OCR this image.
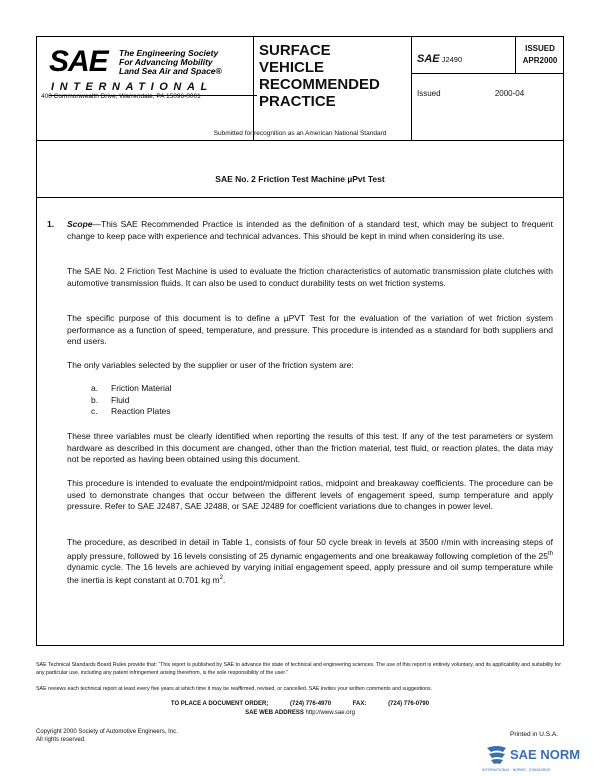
SAE The Engineering Society
For Advancing Mobility
Land Sea Air and Space®
INTERNATIONAL
400 Commonwealth Drive, Warrendale, PA 15096-0001
SURFACE
VEHICLE
RECOMMENDED
PRACTICE
SAE J2490
ISSUED
APR2000
Issued	2000-04
Submitted for recognition as an American National Standard
SAE No. 2 Friction Test Machine µPvt Test
1. Scope—This SAE Recommended Practice is intended as the definition of a standard test, which may be subject to frequent change to keep pace with experience and technical advances. This should be kept in mind when considering its use.
The SAE No. 2 Friction Test Machine is used to evaluate the friction characteristics of automatic transmission plate clutches with automotive transmission fluids. It can also be used to conduct durability tests on wet friction systems.
The specific purpose of this document is to define a µPVT Test for the evaluation of the variation of wet friction system performance as a function of speed, temperature, and pressure. This procedure is intended as a standard for both suppliers and end users.
The only variables selected by the supplier or user of the friction system are:
a. Friction Material
b. Fluid
c. Reaction Plates
These three variables must be clearly identified when reporting the results of this test. If any of the test parameters or system hardware as described in this document are changed, other than the friction material, test fluid, or reaction plates, the data may not be reported as having been obtained using this document.
This procedure is intended to evaluate the endpoint/midpoint ratios, midpoint and breakaway coefficients. The procedure can be used to demonstrate changes that occur between the different levels of engagement speed, sump temperature and apply pressure. Refer to SAE J2487, SAE J2488, or SAE J2489 for coefficient variations due to changes in power level.
The procedure, as described in detail in Table 1, consists of four 50 cycle break in levels at 3500 r/min with increasing steps of apply pressure, followed by 16 levels consisting of 25 dynamic engagements and one breakaway following completion of the 25th dynamic cycle. The 16 levels are achieved by varying initial engagement speed, apply pressure and oil sump temperature while the inertia is kept constant at 0.701 kg $m^2$.
SAE Technical Standards Board Rules provide that: “This report is published by SAE to advance the state of technical and engineering sciences. The use of this report is entirely voluntary, and its applicability and suitability for any particular use, including any patent infringement arising therefrom, is the sole responsibility of the user.”
SAE reviews each technical report at least every five years at which time it may be reaffirmed, revised, or cancelled. SAE invites your written comments and suggestions.
TO PLACE A DOCUMENT ORDER;	(724) 776-4970	FAX:	(724) 776-0790
SAE WEB ADDRESS http://www.sae.org
Copyright 2000 Society of Automotive Engineers, Inc.
All rights reserved.
Printed in U.S.A.
SAE NORM
INTERNATIONAL · NORMS · STANDARDS
